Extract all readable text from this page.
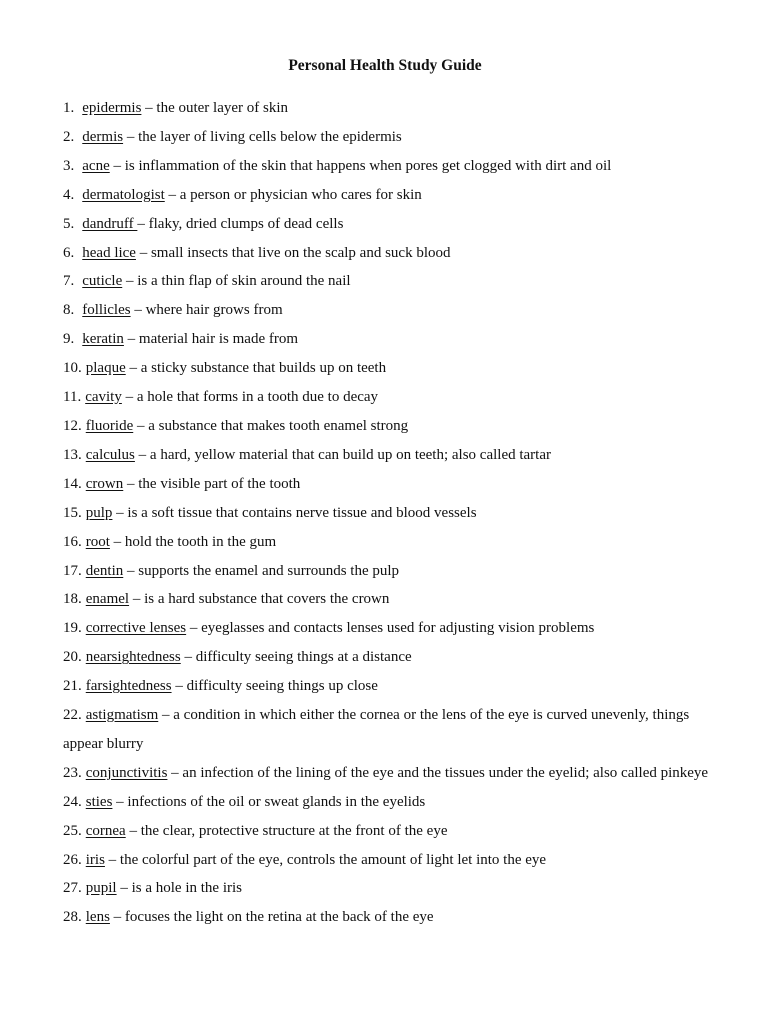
Personal Health Study Guide
1. epidermis – the outer layer of skin
2. dermis – the layer of living cells below the epidermis
3. acne – is inflammation of the skin that happens when pores get clogged with dirt and oil
4. dermatologist – a person or physician who cares for skin
5. dandruff – flaky, dried clumps of dead cells
6. head lice – small insects that live on the scalp and suck blood
7. cuticle – is a thin flap of skin around the nail
8. follicles – where hair grows from
9. keratin – material hair is made from
10. plaque – a sticky substance that builds up on teeth
11. cavity – a hole that forms in a tooth due to decay
12. fluoride – a substance that makes tooth enamel strong
13. calculus – a hard, yellow material that can build up on teeth; also called tartar
14. crown – the visible part of the tooth
15. pulp – is a soft tissue that contains nerve tissue and blood vessels
16. root – hold the tooth in the gum
17. dentin – supports the enamel and surrounds the pulp
18. enamel – is a hard substance that covers the crown
19. corrective lenses – eyeglasses and contacts lenses used for adjusting vision problems
20. nearsightedness – difficulty seeing things at a distance
21. farsightedness – difficulty seeing things up close
22. astigmatism – a condition in which either the cornea or the lens of the eye is curved unevenly, things appear blurry
23. conjunctivitis – an infection of the lining of the eye and the tissues under the eyelid; also called pinkeye
24. sties – infections of the oil or sweat glands in the eyelids
25. cornea – the clear, protective structure at the front of the eye
26. iris – the colorful part of the eye, controls the amount of light let into the eye
27. pupil – is a hole in the iris
28. lens – focuses the light on the retina at the back of the eye
